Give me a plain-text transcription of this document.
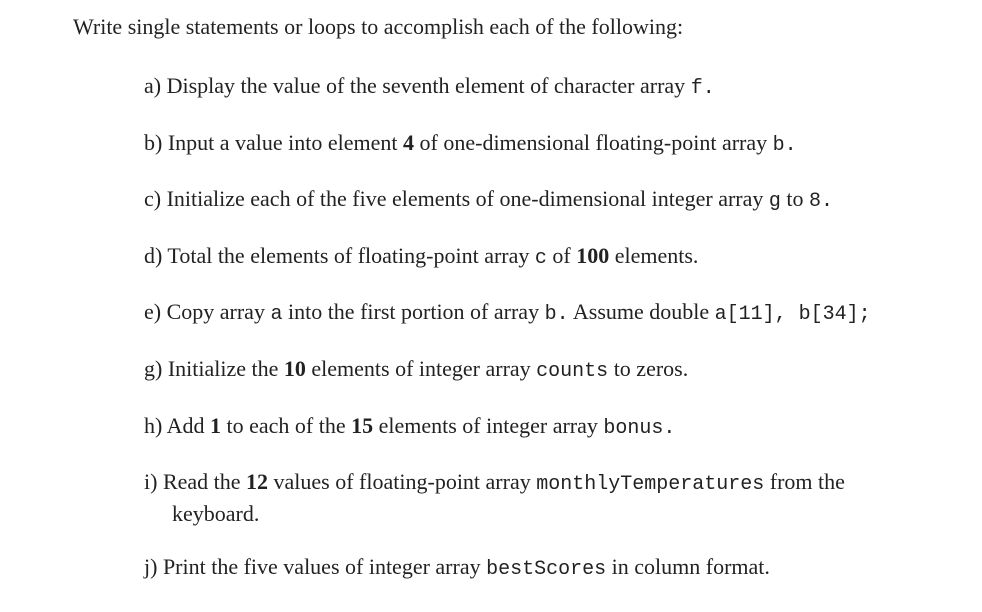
Write single statements or loops to accomplish each of the following:
a) Display the value of the seventh element of character array f.
b) Input a value into element 4 of one-dimensional floating-point array b.
c) Initialize each of the five elements of one-dimensional integer array g to 8.
d) Total the elements of floating-point array c of 100 elements.
e) Copy array a into the first portion of array b. Assume double a[11], b[34];
g) Initialize the 10 elements of integer array counts to zeros.
h) Add 1 to each of the 15 elements of integer array bonus.
i) Read the 12 values of floating-point array monthlyTemperatures from the
keyboard.
j) Print the five values of integer array bestScores in column format.
